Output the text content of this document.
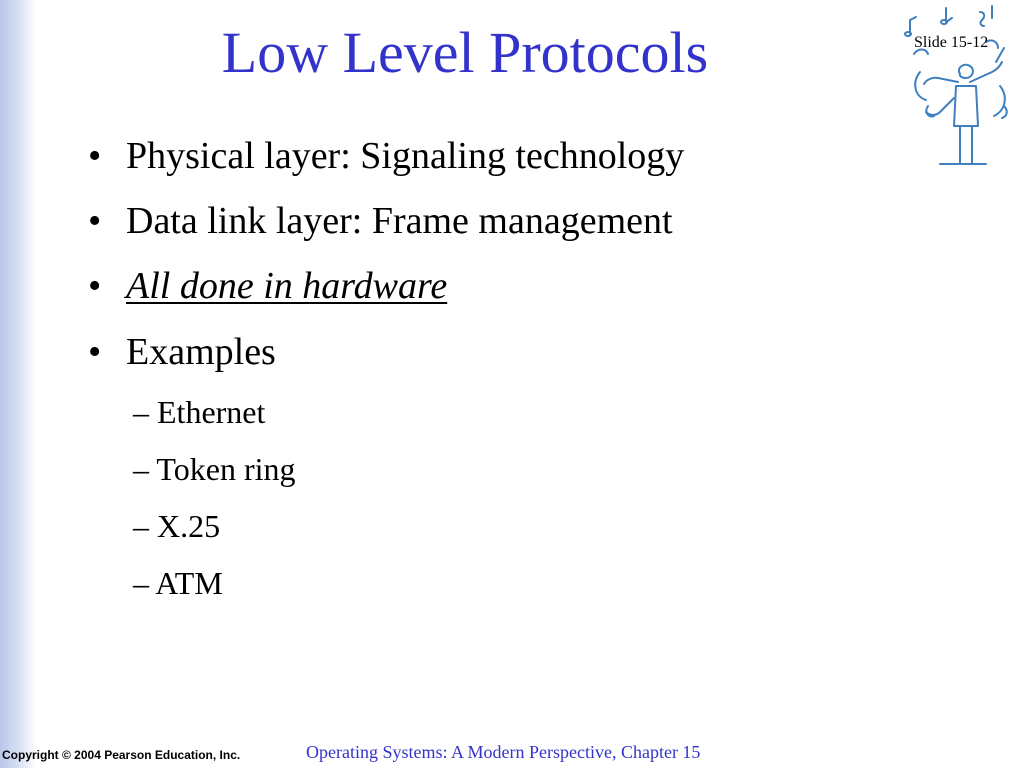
Low Level Protocols	Slide 15-12
• Physical layer: Signaling technology
• Data link layer: Frame management
• All done in hardware
• Examples
– Ethernet
– Token ring
– X.25
– ATM
Copyright © 2004 Pearson Education, Inc.	Operating Systems: A Modern Perspective, Chapter 15
